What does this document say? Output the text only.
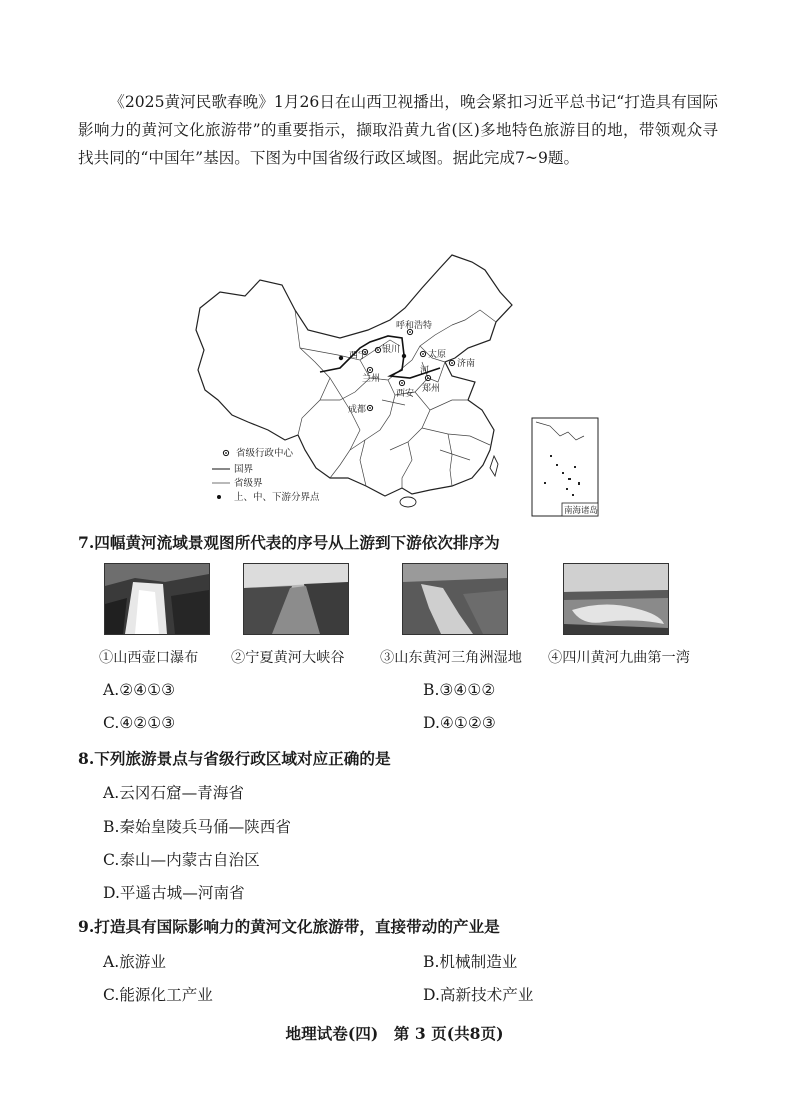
《2025黄河民歌春晚》1月26日在山西卫视播出，晚会紧扣习近平总书记“打造具有国际影响力的黄河文化旅游带”的重要指示，撷取沿黄九省(区)多地特色旅游目的地，带领观众寻找共同的“中国年”基因。下图为中国省级行政区域图。据此完成7~9题。

呼和浩特
西宁
银川	太原
济南
兰州
郑州
西安
成都
河
省级行政中心
国界
省级界
上、中、下游分界点
南海诸岛

7.四幅黄河流域景观图所代表的序号从上游到下游依次排序为

①山西壶口瀑布 ②宁夏黄河大峡谷 ③山东黄河三角洲湿地 ④四川黄河九曲第一湾
A.②④①③	B.③④①②
C.④②①③	D.④①②③

8.下列旅游景点与省级行政区域对应正确的是

A.云冈石窟—青海省
B.秦始皇陵兵马俑—陕西省
C.泰山—内蒙古自治区
D.平遥古城—河南省

9.打造具有国际影响力的黄河文化旅游带，直接带动的产业是

A.旅游业	B.机械制造业
C.能源化工产业	D.高新技术产业
地理试卷(四)　第 3 页(共8页)
